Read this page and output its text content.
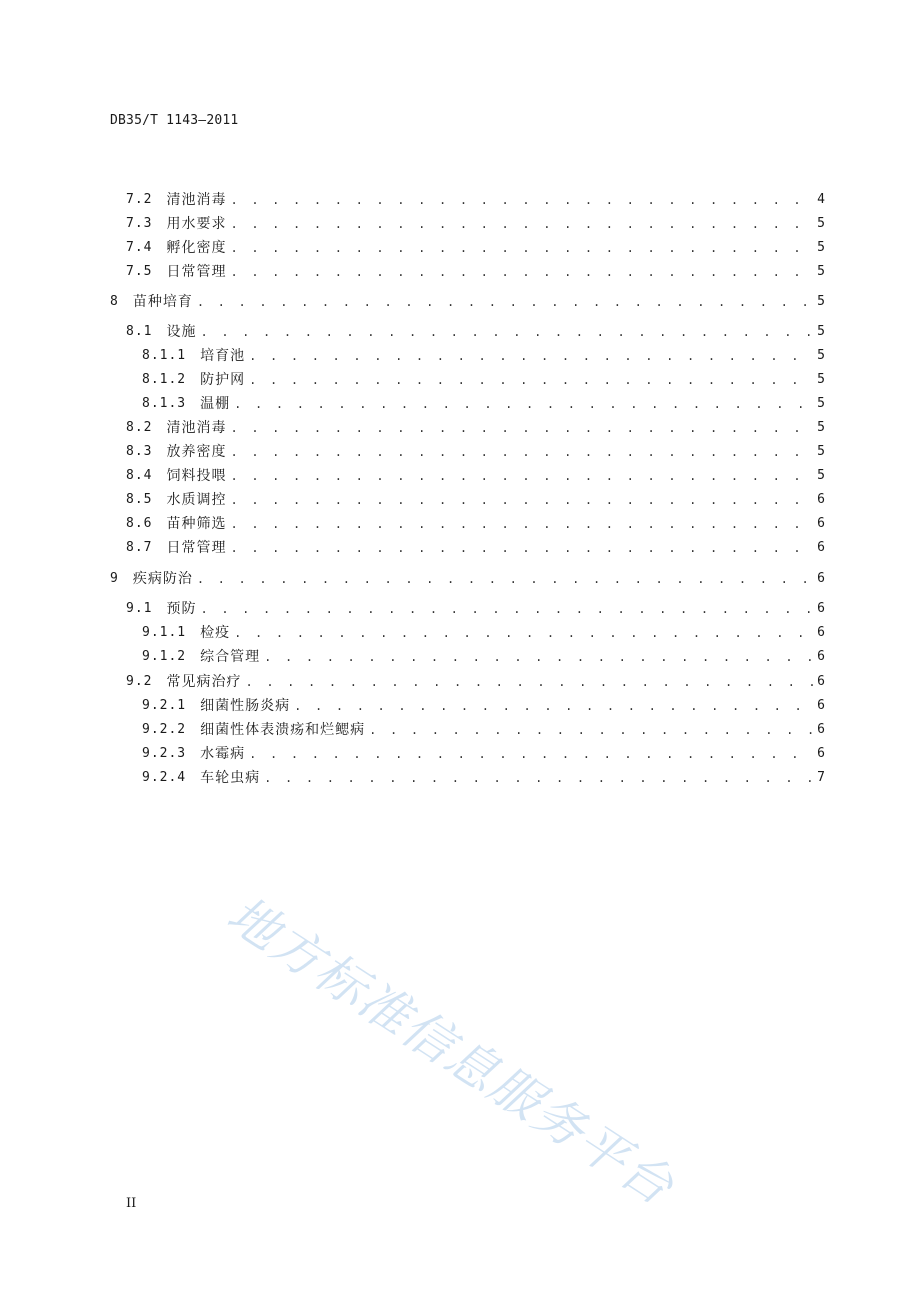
DB35/T 1143—2011
7.2 清池消毒 . . .	4
7.3 用水要求 . . .	5
7.4 孵化密度 . . .	5
7.5 日常管理 . . .	5
8 苗种培育 . . .	5
8.1 设施 . . .	5
8.1.1 培育池 . . .	5
8.1.2 防护网 . . .	5
8.1.3 温棚 . . .	5
8.2 清池消毒 . . .	5
8.3 放养密度 . . .	5
8.4 饲料投喂 . . .	5
8.5 水质调控 . . .	6
8.6 苗种筛选 . . .	6
8.7 日常管理 . . .	6
9 疾病防治 . . .	6
9.1 预防 . . .	6
9.1.1 检疫 . . .	6
9.1.2 综合管理 . . .	6
9.2 常见病治疗 . . .	6
9.2.1 细菌性肠炎病 . . .	6
9.2.2 细菌性体表溃疡和烂鳃病 . . .	6
9.2.3 水霉病 . . .	6
9.2.4 车轮虫病 . . .	7
地方标准信息服务平台
II
